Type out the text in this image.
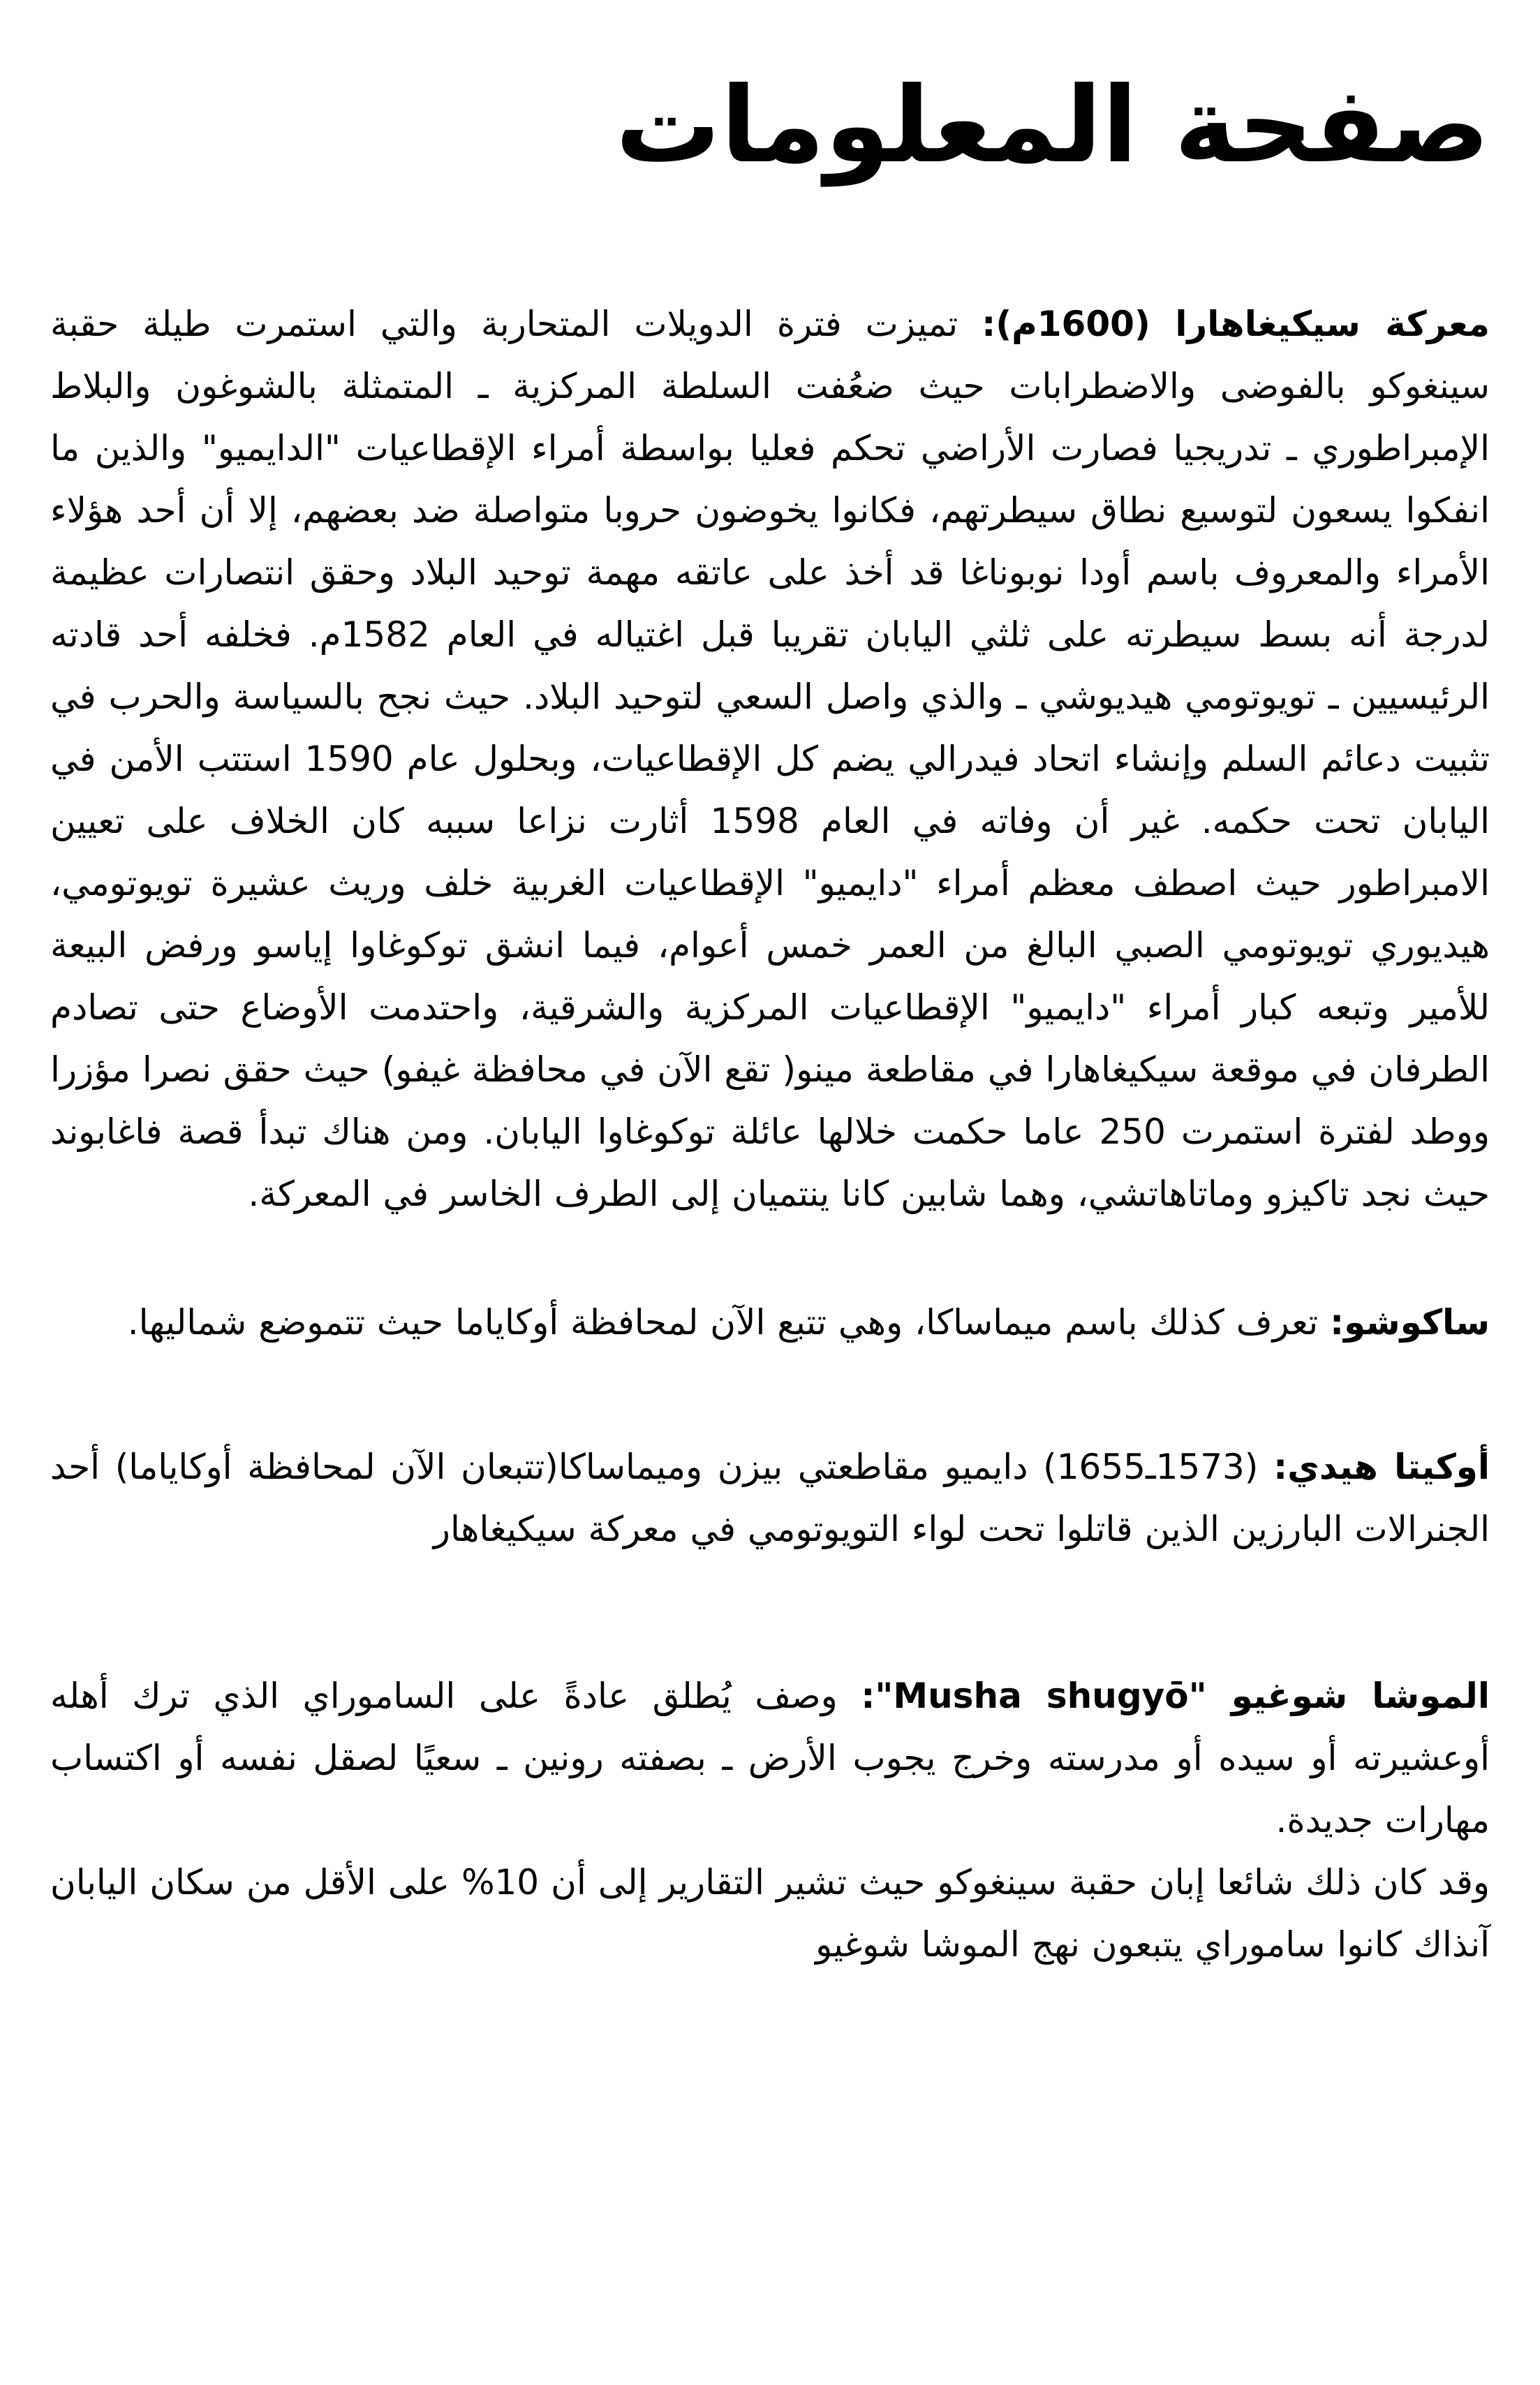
صفحة المعلومات

معركة سيكيغاهارا (1600م): تميزت فترة الدويلات المتحاربة والتي استمرت طيلة حقبة سينغوكو بالفوضى والاضطرابات حيث ضعُفت السلطة المركزية ـ المتمثلة بالشوغون والبلاط الإمبراطوري ـ تدريجيا فصارت الأراضي تحكم فعليا بواسطة أمراء الإقطاعيات "الدايميو" والذين ما انفكوا يسعون لتوسيع نطاق سيطرتهم، فكانوا يخوضون حروبا متواصلة ضد بعضهم، إلا أن أحد هؤلاء الأمراء والمعروف باسم أودا نوبوناغا قد أخذ على عاتقه مهمة توحيد البلاد وحقق انتصارات عظيمة لدرجة أنه بسط سيطرته على ثلثي اليابان تقريبا قبل اغتياله في العام 1582م. فخلفه أحد قادته الرئيسيين ـ تويوتومي هيديوشي ـ والذي واصل السعي لتوحيد البلاد. حيث نجح بالسياسة والحرب في تثبيت دعائم السلم وإنشاء اتحاد فيدرالي يضم كل الإقطاعيات، وبحلول عام 1590 استتب الأمن في اليابان تحت حكمه. غير أن وفاته في العام 1598 أثارت نزاعا سببه كان الخلاف على تعيين الامبراطور حيث اصطف معظم أمراء "دايميو" الإقطاعيات الغربية خلف وريث عشيرة تويوتومي، هيديوري تويوتومي الصبي البالغ من العمر خمس أعوام، فيما انشق توكوغاوا إياسو ورفض البيعة للأمير وتبعه كبار أمراء "دايميو" الإقطاعيات المركزية والشرقية، واحتدمت الأوضاع حتى تصادم الطرفان في موقعة سيكيغاهارا في مقاطعة مينو( تقع الآن في محافظة غيفو) حيث حقق نصرا مؤزرا ووطد لفترة استمرت 250 عاما حكمت خلالها عائلة توكوغاوا اليابان. ومن هناك تبدأ قصة فاغابوند حيث نجد تاكيزو وماتاهاتشي، وهما شابين كانا ينتميان إلى الطرف الخاسر في المعركة.

ساكوشو: تعرف كذلك باسم ميماساكا، وهي تتبع الآن لمحافظة أوكاياما حيث تتموضع شماليها.

أوكيتا هيدي: (1573ـ1655) دايميو مقاطعتي بيزن وميماساكا(تتبعان الآن لمحافظة أوكاياما) أحد الجنرالات البارزين الذين قاتلوا تحت لواء التويوتومي في معركة سيكيغاهار

الموشا شوغيو "Musha shugyō": وصف يُطلق عادةً على الساموراي الذي ترك أهله أوعشيرته أو سيده أو مدرسته وخرج يجوب الأرض ـ بصفته رونين ـ سعيًا لصقل نفسه أو اكتساب مهارات جديدة.
وقد كان ذلك شائعا إبان حقبة سينغوكو حيث تشير التقارير إلى أن 10% على الأقل من سكان اليابان آنذاك كانوا ساموراي يتبعون نهج الموشا شوغيو
